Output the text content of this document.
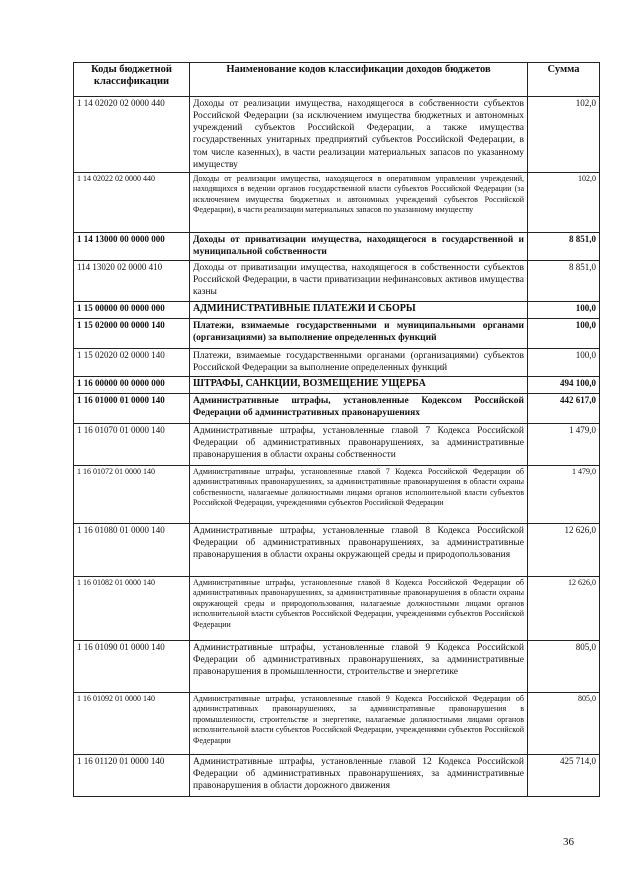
Коды бюджетной классификации	Наименование кодов классификации доходов бюджетов	Сумма
1 14 02020 02 0000 440	Доходы от реализации имущества, находящегося в собственности субъектов Российской Федерации (за исключением имущества бюджетных и автономных учреждений субъектов Российской Федерации, а также имущества государственных унитарных предприятий субъектов Российской Федерации, в том числе казенных), в части реализации материальных запасов по указанному имуществу	102,0
1 14 02022 02 0000 440	Доходы от реализации имущества, находящегося в оперативном управлении учреждений, находящихся в ведении органов государственной власти субъектов Российской Федерации (за исключением имущества бюджетных и автономных учреждений субъектов Российской Федерации), в части реализации материальных запасов по указанному имуществу	102,0
1 14 13000 00 0000 000	Доходы от приватизации имущества, находящегося в государственной и муниципальной собственности	8 851,0
114 13020 02 0000 410	Доходы от приватизации имущества, находящегося в собственности субъектов Российской Федерации, в части приватизации нефинансовых активов имущества казны	8 851,0
1 15 00000 00 0000 000	АДМИНИСТРАТИВНЫЕ ПЛАТЕЖИ И СБОРЫ	100,0
1 15 02000 00 0000 140	Платежи, взимаемые государственными и муниципальными органами (организациями) за выполнение определенных функций	100,0
1 15 02020 02 0000 140	Платежи, взимаемые государственными органами (организациями) субъектов Российской Федерации за выполнение определенных функций	100,0
1 16 00000 00 0000 000	ШТРАФЫ, САНКЦИИ, ВОЗМЕЩЕНИЕ УЩЕРБА	494 100,0
1 16 01000 01 0000 140	Административные штрафы, установленные Кодексом Российской Федерации об административных правонарушениях	442 617,0
1 16 01070 01 0000 140	Административные штрафы, установленные главой 7 Кодекса Российской Федерации об административных правонарушениях, за административные правонарушения в области охраны собственности	1 479,0
1 16 01072 01 0000 140	Административные штрафы, установленные главой 7 Кодекса Российской Федерации об административных правонарушениях, за административные правонарушения в области охраны собственности, налагаемые должностными лицами органов исполнительной власти субъектов Российской Федерации, учреждениями субъектов Российской Федерации	1 479,0
1 16 01080 01 0000 140	Административные штрафы, установленные главой 8 Кодекса Российской Федерации об административных правонарушениях, за административные правонарушения в области охраны окружающей среды и природопользования	12 626,0
1 16 01082 01 0000 140	Административные штрафы, установленные главой 8 Кодекса Российской Федерации об административных правонарушениях, за административные правонарушения в области охраны окружающей среды и природопользования, налагаемые должностными лицами органов исполнительной власти субъектов Российской Федерации, учреждениями субъектов Российской Федерации	12 626,0
1 16 01090 01 0000 140	Административные штрафы, установленные главой 9 Кодекса Российской Федерации об административных правонарушениях, за административные правонарушения в промышленности, строительстве и энергетике	805,0
1 16 01092 01 0000 140	Административные штрафы, установленные главой 9 Кодекса Российской Федерации об административных правонарушениях, за административные правонарушения в промышленности, строительстве и энергетике, налагаемые должностными лицами органов исполнительной власти субъектов Российской Федерации, учреждениями субъектов Российской Федерации	805,0
1 16 01120 01 0000 140	Административные штрафы, установленные главой 12 Кодекса Российской Федерации об административных правонарушениях, за административные правонарушения в области дорожного движения	425 714,0
36
